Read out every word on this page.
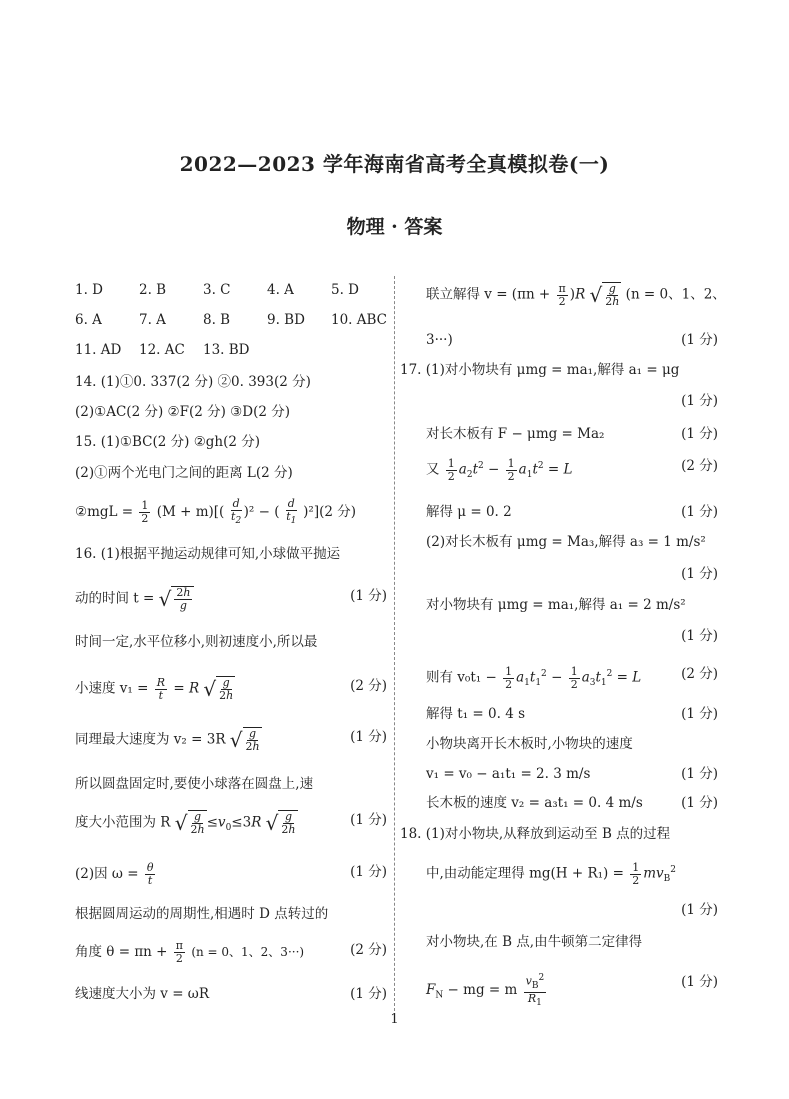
2022—2023 学年海南省高考全真模拟卷(一)
物理 · 答案
1. D	2. B	3. C	4. A	5. D
6. A	7. A	8. B	9. BD 10. ABC
11. AD 12. AC 13. BD
14. (1)①0. 337(2 分) ②0. 393(2 分)
(2)①AC(2 分) ②F(2 分) ③D(2 分)
15. (1)①BC(2 分) ②gh(2 分)
(2)①两个光电门之间的距离 L(2 分)
②mgL = $\frac{1}{2} (M + m)[( \frac{d}{t_2} )^2$ − ( $\frac{d}{t_1} )^2](2$ 分)
16. (1)根据平抛运动规律可知,小球做平抛运
动的时间 t = √ $\frac{2h}{g}$	(1 分)
时间一定,水平位移小,则初速度小,所以最
小速度 $v_1 = \frac{R}{t} = R$ √ $\frac{g}{2h}$	(2 分)
同理最大速度为 v₂ = 3R √ $\frac{g}{2h}$	(1 分)
所以圆盘固定时,要使小球落在圆盘上,速
度大小范围为 R √ $\frac{g}{2h} \le v_0\le 3R$ √ $\frac{g}{2h}$	(1 分)
(2)因 $\omega = \frac{\theta}{t}$	(1 分)
根据圆周运动的周期性,相遇时 D 点转过的
角度 $\theta = \pi n + \frac{\pi}{2} (n = 0$、1、2、3···)	(2 分)
线速度大小为 v = ωR	(1 分)
联立解得 $v = (\pi n + \frac{\pi}{2} )R$ √ $\frac{g}{2h} (n = 0$、1、2、
3···)	(1 分)
17. (1)对小物块有 μmg = ma₁,解得 a₁ = μg
(1 分)
对长木板有 F − μmg = Ma₂	(1 分)
又 $\frac{1}{2} a_2t^2 - \frac{1}{2} a_1t^2 = L$	(2 分)
解得 μ = 0. 2	(1 分)
(2)对长木板有 μmg = Ma₃,解得 a₃ = 1 m/s²
(1 分)
对小物块有 μmg = ma₁,解得 a₁ = 2 m/s²
(1 分)
则有 $v_0t_1 - \frac{1}{2} a_1t_1^2 - \frac{1}{2} a_3t_1^2 = L$	(2 分)
解得 t₁ = 0. 4 s	(1 分)
小物块离开长木板时,小物块的速度
v₁ = v₀ − a₁t₁ = 2. 3 m/s	(1 分)
长木板的速度 v₂ = a₃t₁ = 0. 4 m/s	(1 分)
18. (1)对小物块,从释放到运动至 B 点的过程
中,由动能定理得 $mg(H + R_1) = \frac{1}{2} mv_B^2$
(1 分)
对小物块,在 B 点,由牛顿第二定律得
$F_N$ − mg = m $\frac{v_B^2}{R_1}$	(1 分)
1
